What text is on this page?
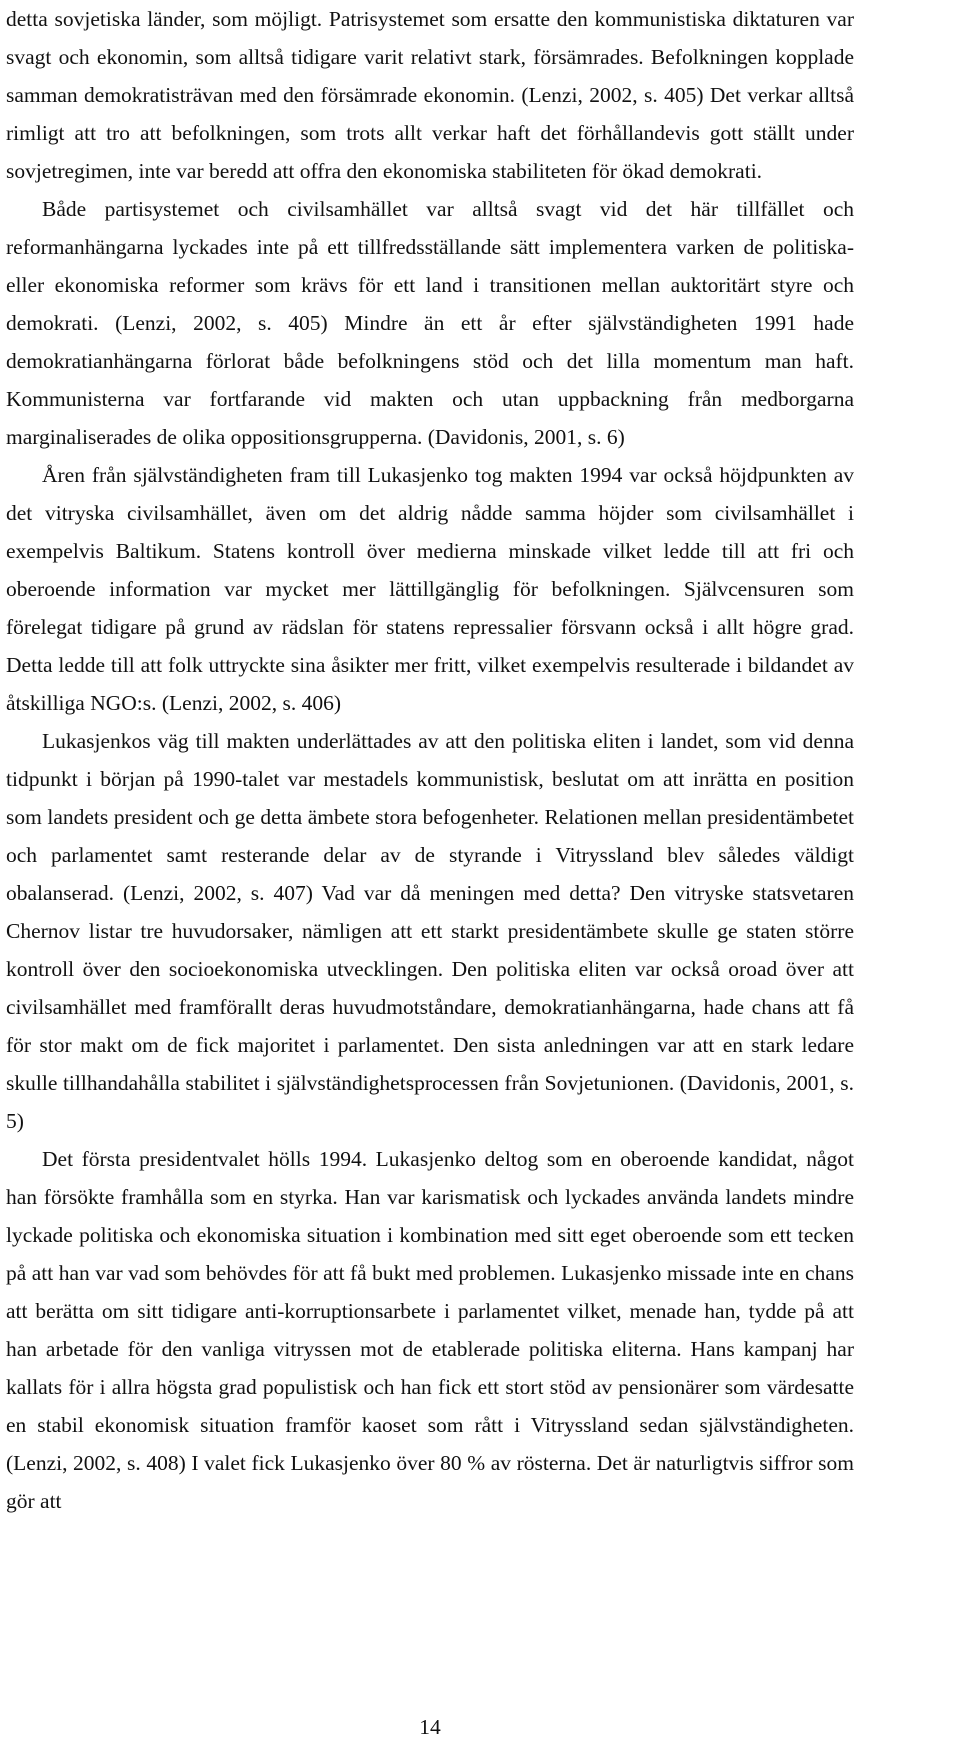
detta sovjetiska länder, som möjligt. Patrisystemet som ersatte den kommunistiska diktaturen var svagt och ekonomin, som alltså tidigare varit relativt stark, försämrades. Befolkningen kopplade samman demokratisträvan med den försämrade ekonomin. (Lenzi, 2002, s. 405) Det verkar alltså rimligt att tro att befolkningen, som trots allt verkar haft det förhållandevis gott ställt under sovjetregimen, inte var beredd att offra den ekonomiska stabiliteten för ökad demokrati.

Både partisystemet och civilsamhället var alltså svagt vid det här tillfället och reformanhängarna lyckades inte på ett tillfredsställande sätt implementera varken de politiska- eller ekonomiska reformer som krävs för ett land i transitionen mellan auktoritärt styre och demokrati. (Lenzi, 2002, s. 405) Mindre än ett år efter självständigheten 1991 hade demokratianhängarna förlorat både befolkningens stöd och det lilla momentum man haft. Kommunisterna var fortfarande vid makten och utan uppbackning från medborgarna marginaliserades de olika oppositionsgrupperna. (Davidonis, 2001, s. 6)

Åren från självständigheten fram till Lukasjenko tog makten 1994 var också höjdpunkten av det vitryska civilsamhället, även om det aldrig nådde samma höjder som civilsamhället i exempelvis Baltikum. Statens kontroll över medierna minskade vilket ledde till att fri och oberoende information var mycket mer lättillgänglig för befolkningen. Självcensuren som förelegat tidigare på grund av rädslan för statens repressalier försvann också i allt högre grad. Detta ledde till att folk uttryckte sina åsikter mer fritt, vilket exempelvis resulterade i bildandet av åtskilliga NGO:s. (Lenzi, 2002, s. 406)

Lukasjenkos väg till makten underlättades av att den politiska eliten i landet, som vid denna tidpunkt i början på 1990-talet var mestadels kommunistisk, beslutat om att inrätta en position som landets president och ge detta ämbete stora befogenheter. Relationen mellan presidentämbetet och parlamentet samt resterande delar av de styrande i Vitryssland blev således väldigt obalanserad. (Lenzi, 2002, s. 407) Vad var då meningen med detta? Den vitryske statsvetaren Chernov listar tre huvudorsaker, nämligen att ett starkt presidentämbete skulle ge staten större kontroll över den socioekonomiska utvecklingen. Den politiska eliten var också oroad över att civilsamhället med framförallt deras huvudmotståndare, demokratianhängarna, hade chans att få för stor makt om de fick majoritet i parlamentet. Den sista anledningen var att en stark ledare skulle tillhandahålla stabilitet i självständighetsprocessen från Sovjetunionen. (Davidonis, 2001, s. 5)

Det första presidentvalet hölls 1994. Lukasjenko deltog som en oberoende kandidat, något han försökte framhålla som en styrka. Han var karismatisk och lyckades använda landets mindre lyckade politiska och ekonomiska situation i kombination med sitt eget oberoende som ett tecken på att han var vad som behövdes för att få bukt med problemen. Lukasjenko missade inte en chans att berätta om sitt tidigare anti-korruptionsarbete i parlamentet vilket, menade han, tydde på att han arbetade för den vanliga vitryssen mot de etablerade politiska eliterna. Hans kampanj har kallats för i allra högsta grad populistisk och han fick ett stort stöd av pensionärer som värdesatte en stabil ekonomisk situation framför kaoset som rått i Vitryssland sedan självständigheten. (Lenzi, 2002, s. 408) I valet fick Lukasjenko över 80 % av rösterna. Det är naturligtvis siffror som gör att

14
